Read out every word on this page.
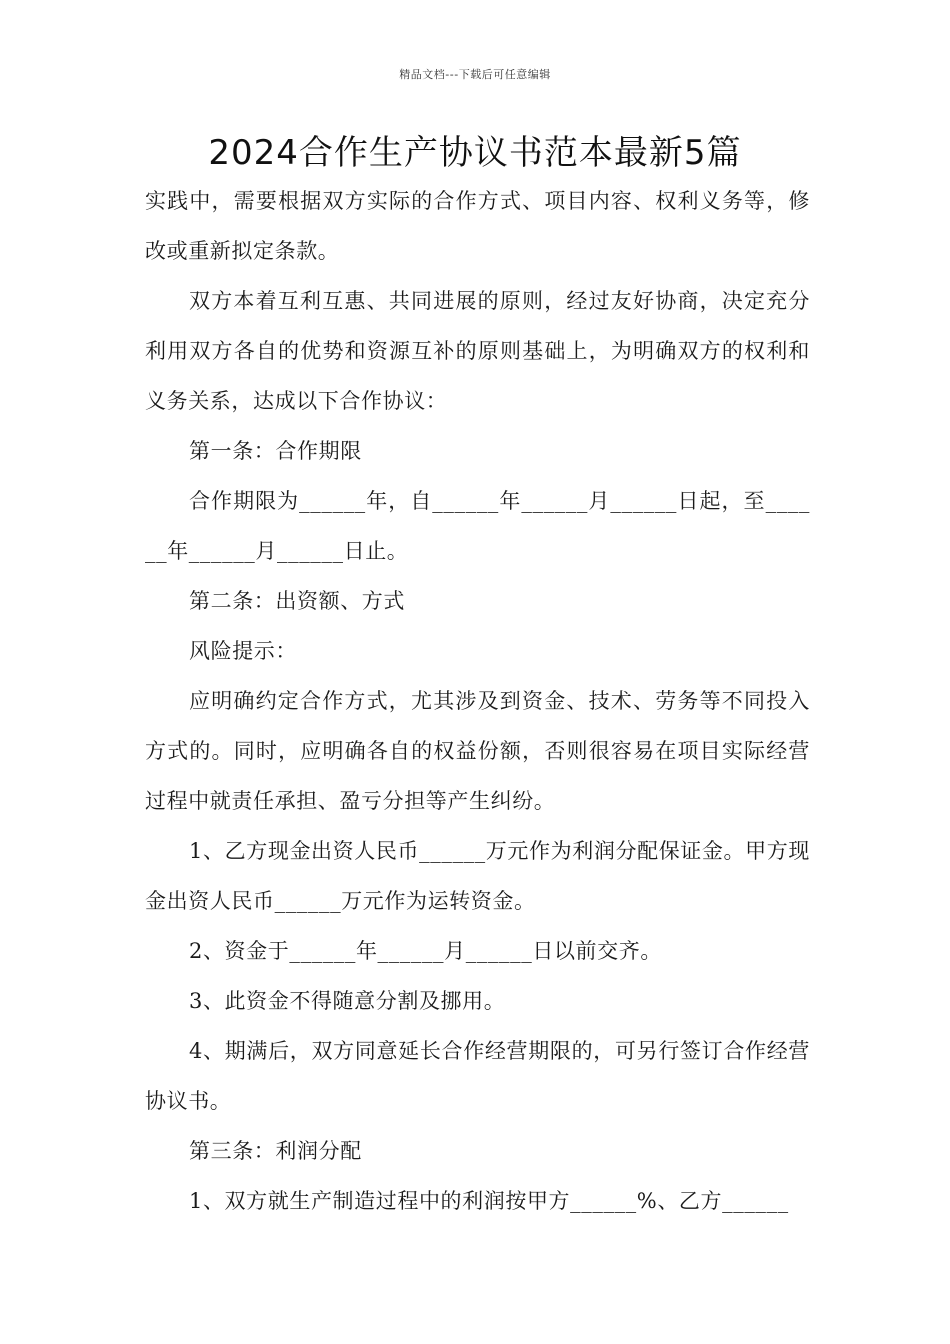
精品文档---下载后可任意编辑
2024合作生产协议书范本最新5篇

实践中，需要根据双方实际的合作方式、项目内容、权利义务等，修改或重新拟定条款。

双方本着互利互惠、共同进展的原则，经过友好协商，决定充分利用双方各自的优势和资源互补的原则基础上，为明确双方的权利和义务关系，达成以下合作协议：

第一条：合作期限

合作期限为______年，自______年______月______日起，至______年______月______日止。

第二条：出资额、方式

风险提示：

应明确约定合作方式，尤其涉及到资金、技术、劳务等不同投入方式的。同时，应明确各自的权益份额，否则很容易在项目实际经营过程中就责任承担、盈亏分担等产生纠纷。

1、乙方现金出资人民币______万元作为利润分配保证金。甲方现金出资人民币______万元作为运转资金。

2、资金于______年______月______日以前交齐。

3、此资金不得随意分割及挪用。

4、期满后，双方同意延长合作经营期限的，可另行签订合作经营协议书。

第三条：利润分配

1、双方就生产制造过程中的利润按甲方______%、乙方______
